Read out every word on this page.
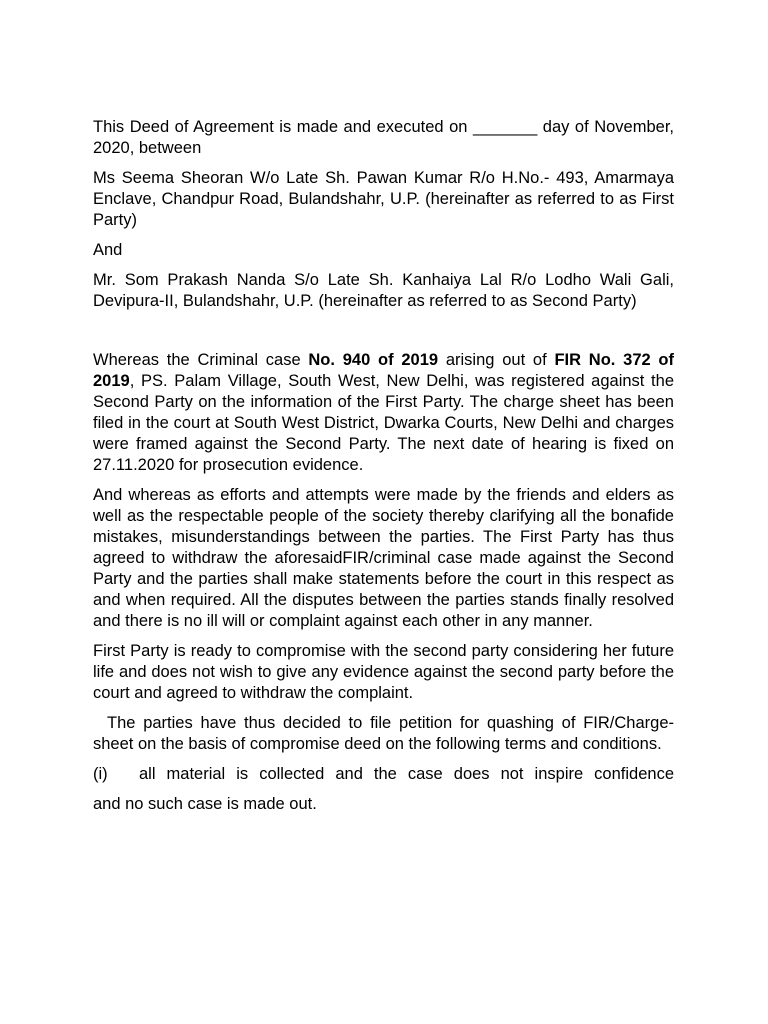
This Deed of Agreement is made and executed on _______ day of November, 2020, between

Ms Seema Sheoran W/o Late Sh. Pawan Kumar R/o H.No.- 493, Amarmaya Enclave, Chandpur Road, Bulandshahr, U.P. (hereinafter as referred to as First Party)

And

Mr. Som Prakash Nanda S/o Late Sh. Kanhaiya Lal R/o Lodho Wali Gali, Devipura-II, Bulandshahr, U.P. (hereinafter as referred to as Second Party)

Whereas the Criminal case No. 940 of 2019 arising out of FIR No. 372 of 2019, PS. Palam Village, South West, New Delhi, was registered against the Second Party on the information of the First Party. The charge sheet has been filed in the court at South West District, Dwarka Courts, New Delhi and charges were framed against the Second Party. The next date of hearing is fixed on 27.11.2020 for prosecution evidence.

And whereas as efforts and attempts were made by the friends and elders as well as the respectable people of the society thereby clarifying all the bonafide mistakes, misunderstandings between the parties. The First Party has thus agreed to withdraw the aforesaidFIR/criminal case made against the Second Party and the parties shall make statements before the court in this respect as and when required. All the disputes between the parties stands finally resolved and there is no ill will or complaint against each other in any manner.

First Party is ready to compromise with the second party considering her future life and does not wish to give any evidence against the second party before the court and agreed to withdraw the complaint.

The parties have thus decided to file petition for quashing of FIR/Charge-sheet on the basis of compromise deed on the following terms and conditions.

(i)	all material is collected and the case does not inspire confidence

and no such case is made out.
